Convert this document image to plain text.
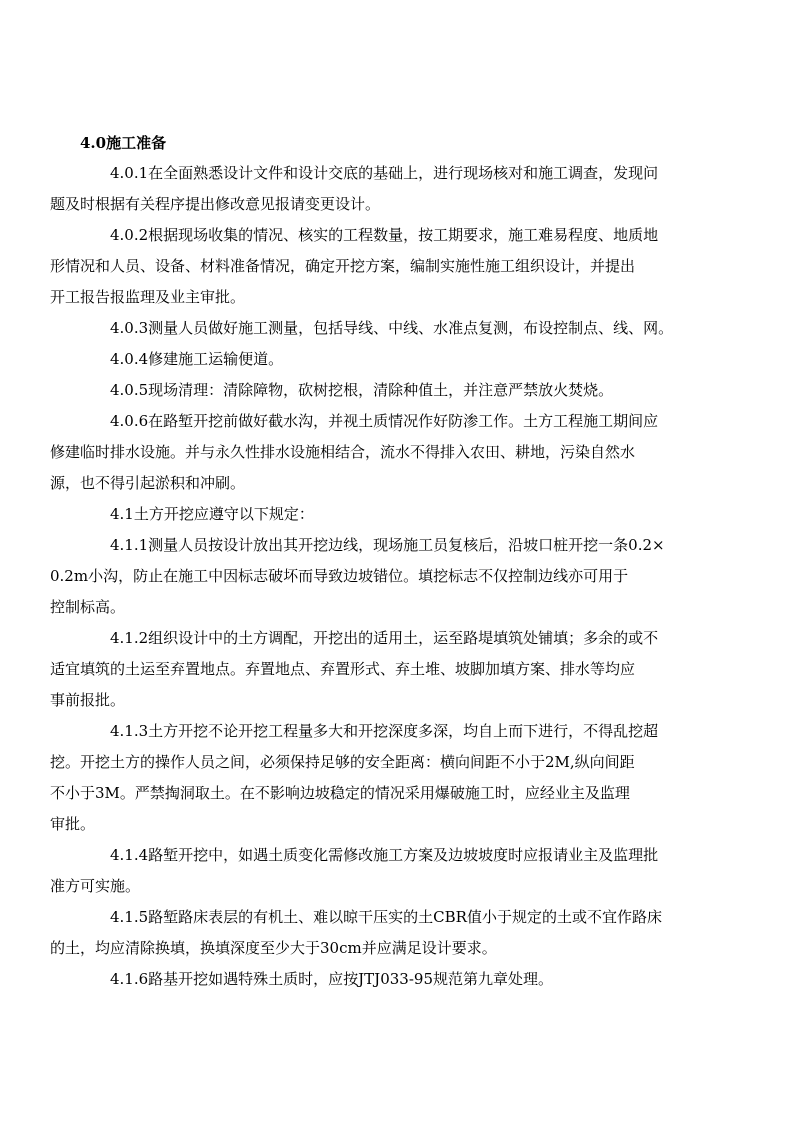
4.0施工准备

4.0.1在全面熟悉设计文件和设计交底的基础上，进行现场核对和施工调查，发现问
题及时根据有关程序提出修改意见报请变更设计。

4.0.2根据现场收集的情况、核实的工程数量，按工期要求，施工难易程度、地质地
形情况和人员、设备、材料准备情况，确定开挖方案，编制实施性施工组织设计，并提出
开工报告报监理及业主审批。

4.0.3测量人员做好施工测量，包括导线、中线、水准点复测，布设控制点、线、网。

4.0.4修建施工运输便道。

4.0.5现场清理：清除障物，砍树挖根，清除种值土，并注意严禁放火焚烧。

4.0.6在路堑开挖前做好截水沟，并视土质情况作好防渗工作。土方工程施工期间应
修建临时排水设施。并与永久性排水设施相结合，流水不得排入农田、耕地，污染自然水
源，也不得引起淤积和冲刷。

4.1土方开挖应遵守以下规定：

4.1.1测量人员按设计放出其开挖边线，现场施工员复核后，沿坡口桩开挖一条0.2×
0.2m小沟，防止在施工中因标志破坏而导致边坡错位。填挖标志不仅控制边线亦可用于
控制标高。

4.1.2组织设计中的土方调配，开挖出的适用土，运至路堤填筑处铺填；多余的或不
适宜填筑的土运至弃置地点。弃置地点、弃置形式、弃土堆、坡脚加填方案、排水等均应
事前报批。

4.1.3土方开挖不论开挖工程量多大和开挖深度多深，均自上而下进行，不得乱挖超
挖。开挖土方的操作人员之间，必须保持足够的安全距离：横向间距不小于2M,纵向间距
不小于3M。严禁掏洞取土。在不影响边坡稳定的情况采用爆破施工时，应经业主及监理
审批。

4.1.4路堑开挖中，如遇土质变化需修改施工方案及边坡坡度时应报请业主及监理批
准方可实施。

4.1.5路堑路床表层的有机土、难以晾干压实的土CBR值小于规定的土或不宜作路床
的土，均应清除换填，换填深度至少大于30cm并应满足设计要求。

4.1.6路基开挖如遇特殊土质时，应按JTJ033-95规范第九章处理。
